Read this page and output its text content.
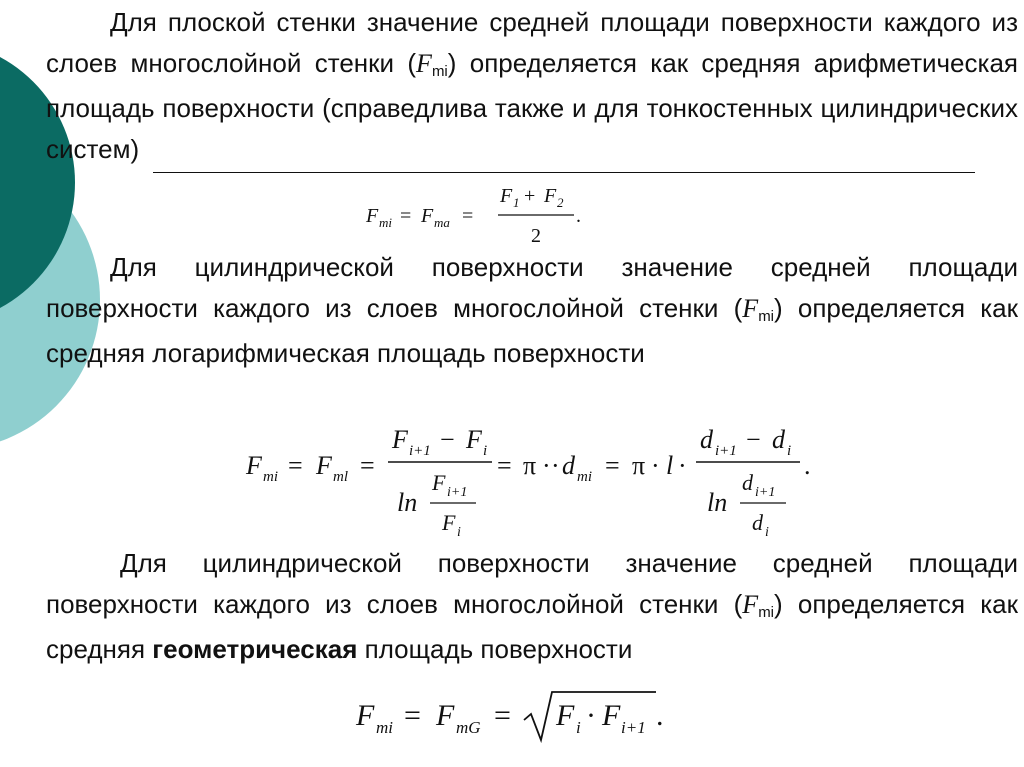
Для плоской стенки значение средней площади поверхности каждого из слоев многослойной стенки (Fmi) определяется как средняя арифметическая площадь поверхности (справедлива также и для тонкостенных цилиндрических систем)

F mi = F ma =
F 1 + F 2
2
.

Для цилиндрической поверхности значение средней площади поверхности каждого из слоев многослойной стенки (Fmi) определяется как средняя логарифмическая площадь поверхности

F mi = F ml =
F i+1 − F i
ln
F i+1
F i
= π · · d mi = π · l ·
d i+1 − d i
ln
d i+1
d i
.

Для цилиндрической поверхности значение средней площади поверхности каждого из слоев многослойной стенки (Fmi) определяется как средняя геометрическая площадь поверхности

F mi = F mG = F i · F i+1 .
